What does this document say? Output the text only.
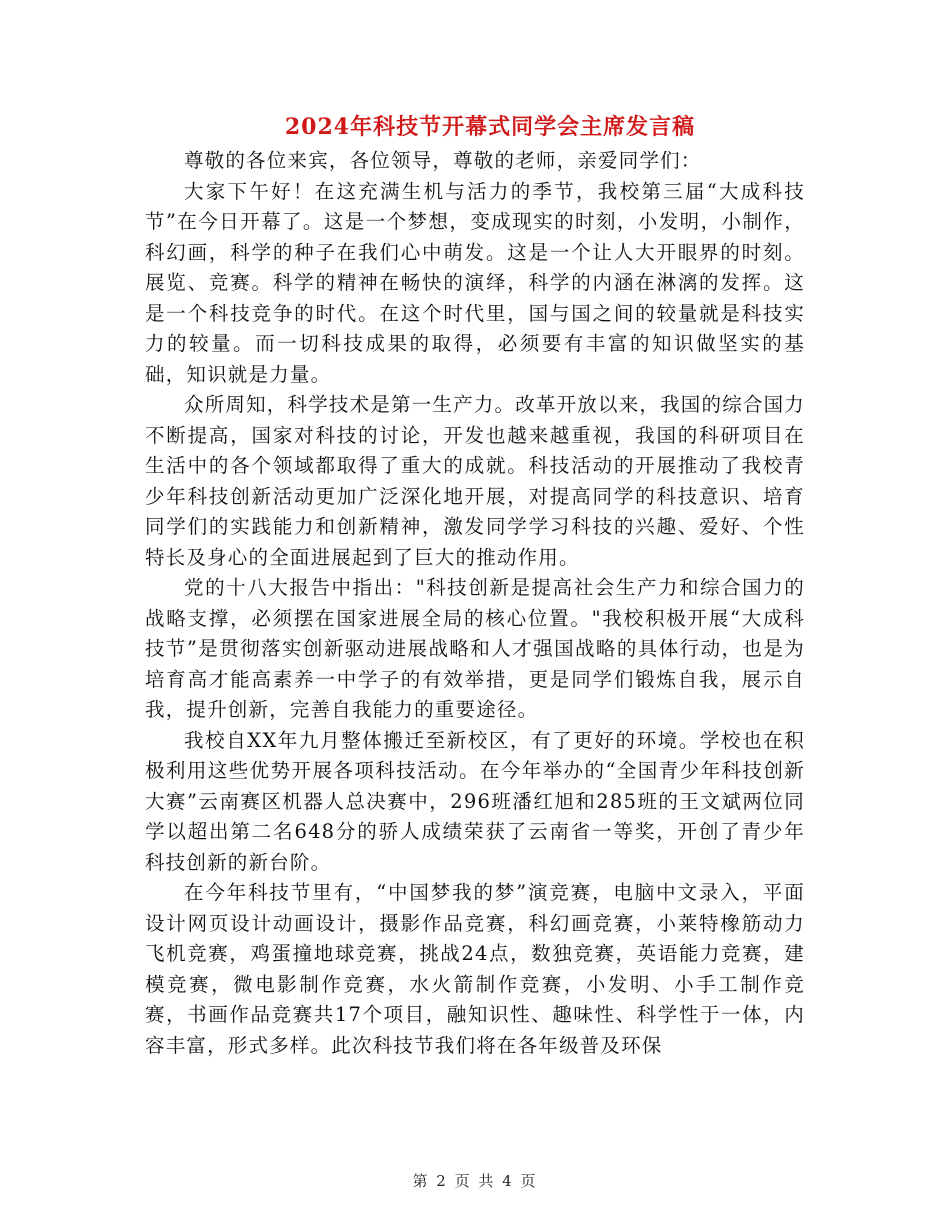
2024年科技节开幕式同学会主席发言稿

尊敬的各位来宾，各位领导，尊敬的老师，亲爱同学们：

大家下午好！在这充满生机与活力的季节，我校第三届“大成科技节”在今日开幕了。这是一个梦想，变成现实的时刻，小发明，小制作，科幻画，科学的种子在我们心中萌发。这是一个让人大开眼界的时刻。展览、竞赛。科学的精神在畅快的演绎，科学的内涵在淋漓的发挥。这是一个科技竞争的时代。在这个时代里，国与国之间的较量就是科技实力的较量。而一切科技成果的取得，必须要有丰富的知识做坚实的基础，知识就是力量。

众所周知，科学技术是第一生产力。改革开放以来，我国的综合国力不断提高，国家对科技的讨论，开发也越来越重视，我国的科研项目在生活中的各个领域都取得了重大的成就。科技活动的开展推动了我校青少年科技创新活动更加广泛深化地开展，对提高同学的科技意识、培育同学们的实践能力和创新精神，激发同学学习科技的兴趣、爱好、个性特长及身心的全面进展起到了巨大的推动作用。

党的十八大报告中指出："科技创新是提高社会生产力和综合国力的战略支撑，必须摆在国家进展全局的核心位置。"我校积极开展“大成科技节”是贯彻落实创新驱动进展战略和人才强国战略的具体行动，也是为培育高才能高素养一中学子的有效举措，更是同学们锻炼自我，展示自我，提升创新，完善自我能力的重要途径。

我校自XX年九月整体搬迁至新校区，有了更好的环境。学校也在积极利用这些优势开展各项科技活动。在今年举办的“全国青少年科技创新大赛”云南赛区机器人总决赛中，296班潘红旭和285班的王文斌两位同学以超出第二名648分的骄人成绩荣获了云南省一等奖，开创了青少年科技创新的新台阶。

在今年科技节里有，“中国梦我的梦”演竞赛，电脑中文录入，平面设计网页设计动画设计，摄影作品竞赛，科幻画竞赛，小莱特橡筋动力飞机竞赛，鸡蛋撞地球竞赛，挑战24点，数独竞赛，英语能力竞赛，建模竞赛，微电影制作竞赛，水火箭制作竞赛，小发明、小手工制作竞赛，书画作品竞赛共17个项目，融知识性、趣味性、科学性于一体，内容丰富，形式多样。此次科技节我们将在各年级普及环保

第 2 页 共 4 页
